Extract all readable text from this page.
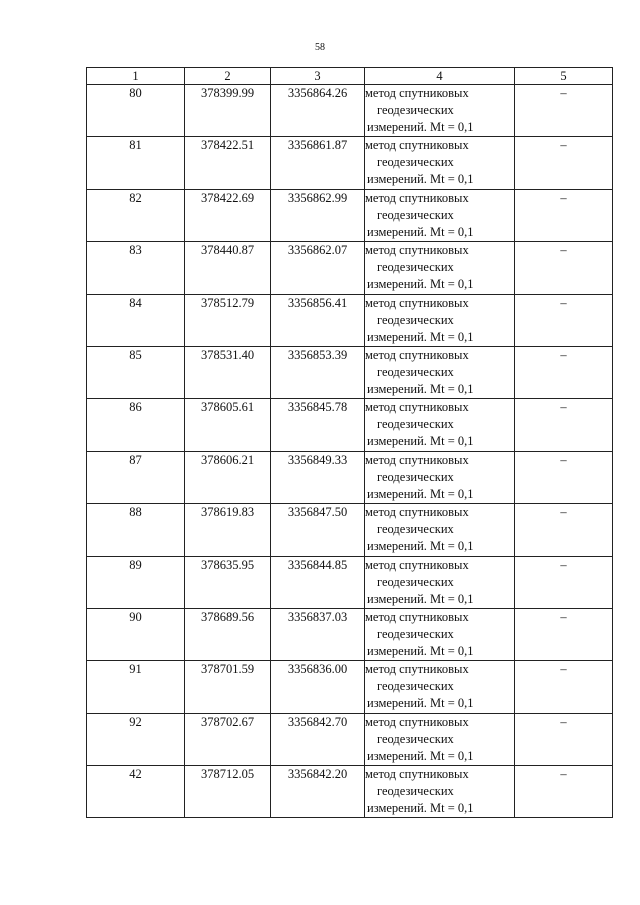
58
1	2	3	4	5
80	378399.99	3356864.26	метод спутниковых
геодезических
измерений. Mt = 0,1	–
81	378422.51	3356861.87	метод спутниковых
геодезических
измерений. Mt = 0,1	–
82	378422.69	3356862.99	метод спутниковых
геодезических
измерений. Mt = 0,1	–
83	378440.87	3356862.07	метод спутниковых
геодезических
измерений. Mt = 0,1	–
84	378512.79	3356856.41	метод спутниковых
геодезических
измерений. Mt = 0,1	–
85	378531.40	3356853.39	метод спутниковых
геодезических
измерений. Mt = 0,1	–
86	378605.61	3356845.78	метод спутниковых
геодезических
измерений. Mt = 0,1	–
87	378606.21	3356849.33	метод спутниковых
геодезических
измерений. Mt = 0,1	–
88	378619.83	3356847.50	метод спутниковых
геодезических
измерений. Mt = 0,1	–
89	378635.95	3356844.85	метод спутниковых
геодезических
измерений. Mt = 0,1	–
90	378689.56	3356837.03	метод спутниковых
геодезических
измерений. Mt = 0,1	–
91	378701.59	3356836.00	метод спутниковых
геодезических
измерений. Mt = 0,1	–
92	378702.67	3356842.70	метод спутниковых
геодезических
измерений. Mt = 0,1	–
42	378712.05	3356842.20	метод спутниковых
геодезических
измерений. Mt = 0,1	–
